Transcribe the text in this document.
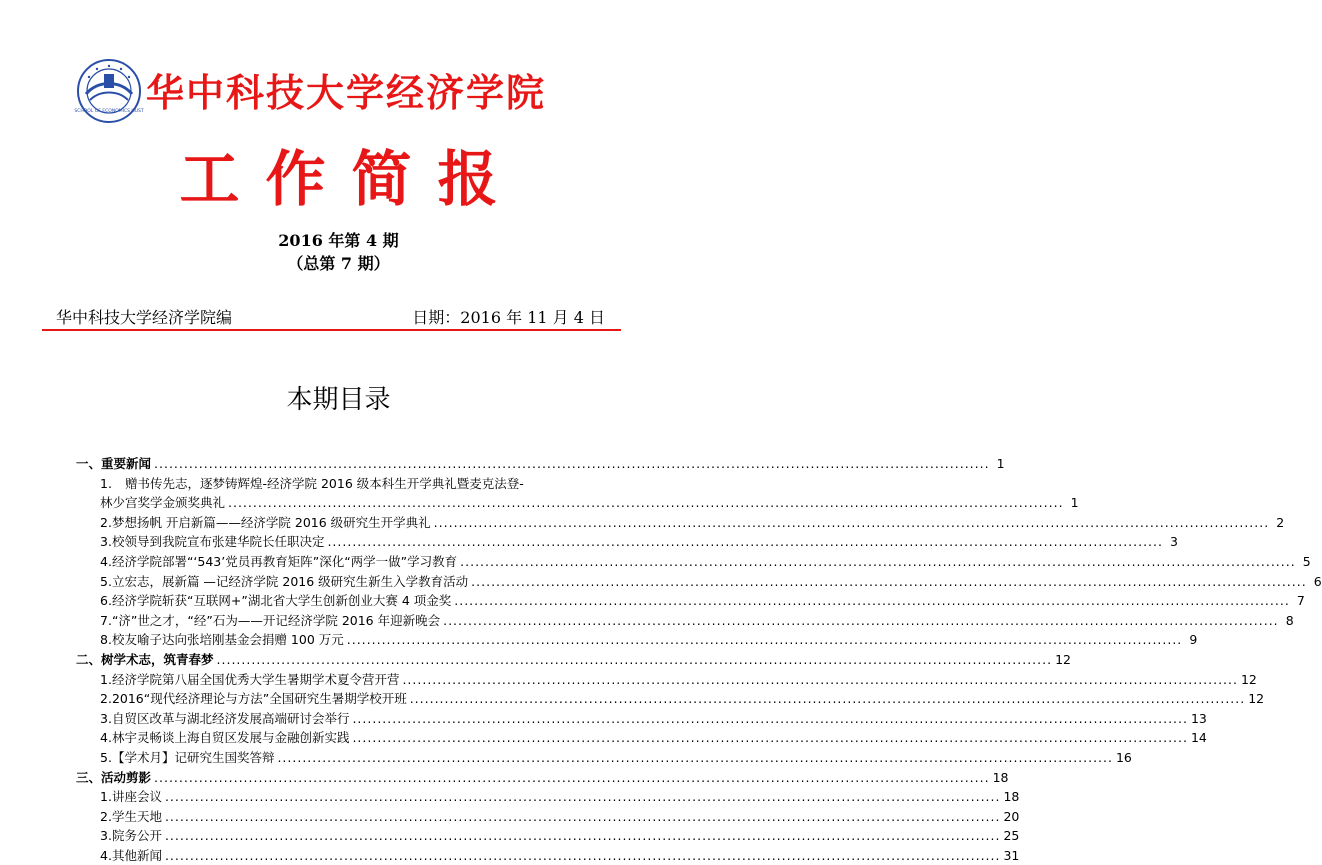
SCHOOL OF ECONOMICS HUST 华中科技大学经济学院
工作简报
2016 年第 4 期
（总第 7 期）
华中科技大学经济学院编	日期：2016 年 11 月 4 日
本期目录
一、 重要新闻 .....	1
1.	赠书传先志，逐梦铸辉煌-经济学院 2016 级本科生开学典礼暨麦克法登-
林少宫奖学金颁奖典礼 .....	1
2. 梦想扬帆 开启新篇——经济学院 2016 级研究生开学典礼 .....	2
3. 校领导到我院宣布张建华院长任职决定 .....	3
4. 经济学院部署“‘543’党员再教育矩阵”深化“两学一做”学习教育 .....	5
5. 立宏志，展新篇 —记经济学院 2016 级研究生新生入学教育活动 .....	6
6. 经济学院斩获“互联网+”湖北省大学生创新创业大赛 4 项金奖 .....	7
7. “济”世之才，“经”石为——开记经济学院 2016 年迎新晚会 .....	8
8. 校友喻子达向张培刚基金会捐赠 100 万元 .....	9
二、 树学术志，筑青春梦 .....	12
1. 经济学院第八届全国优秀大学生暑期学术夏令营开营 .....	12
2. 2016“现代经济理论与方法”全国研究生暑期学校开班 .....	12
3. 自贸区改革与湖北经济发展高端研讨会举行 .....	13
4. 林宇灵畅谈上海自贸区发展与金融创新实践 .....	14
5. 【学术月】记研究生国奖答辩 .....	16
三、 活动剪影 .....	18
1. 讲座会议 .....	18
2. 学生天地 .....	20
3. 院务公开 .....	25
4. 其他新闻 .....	31
